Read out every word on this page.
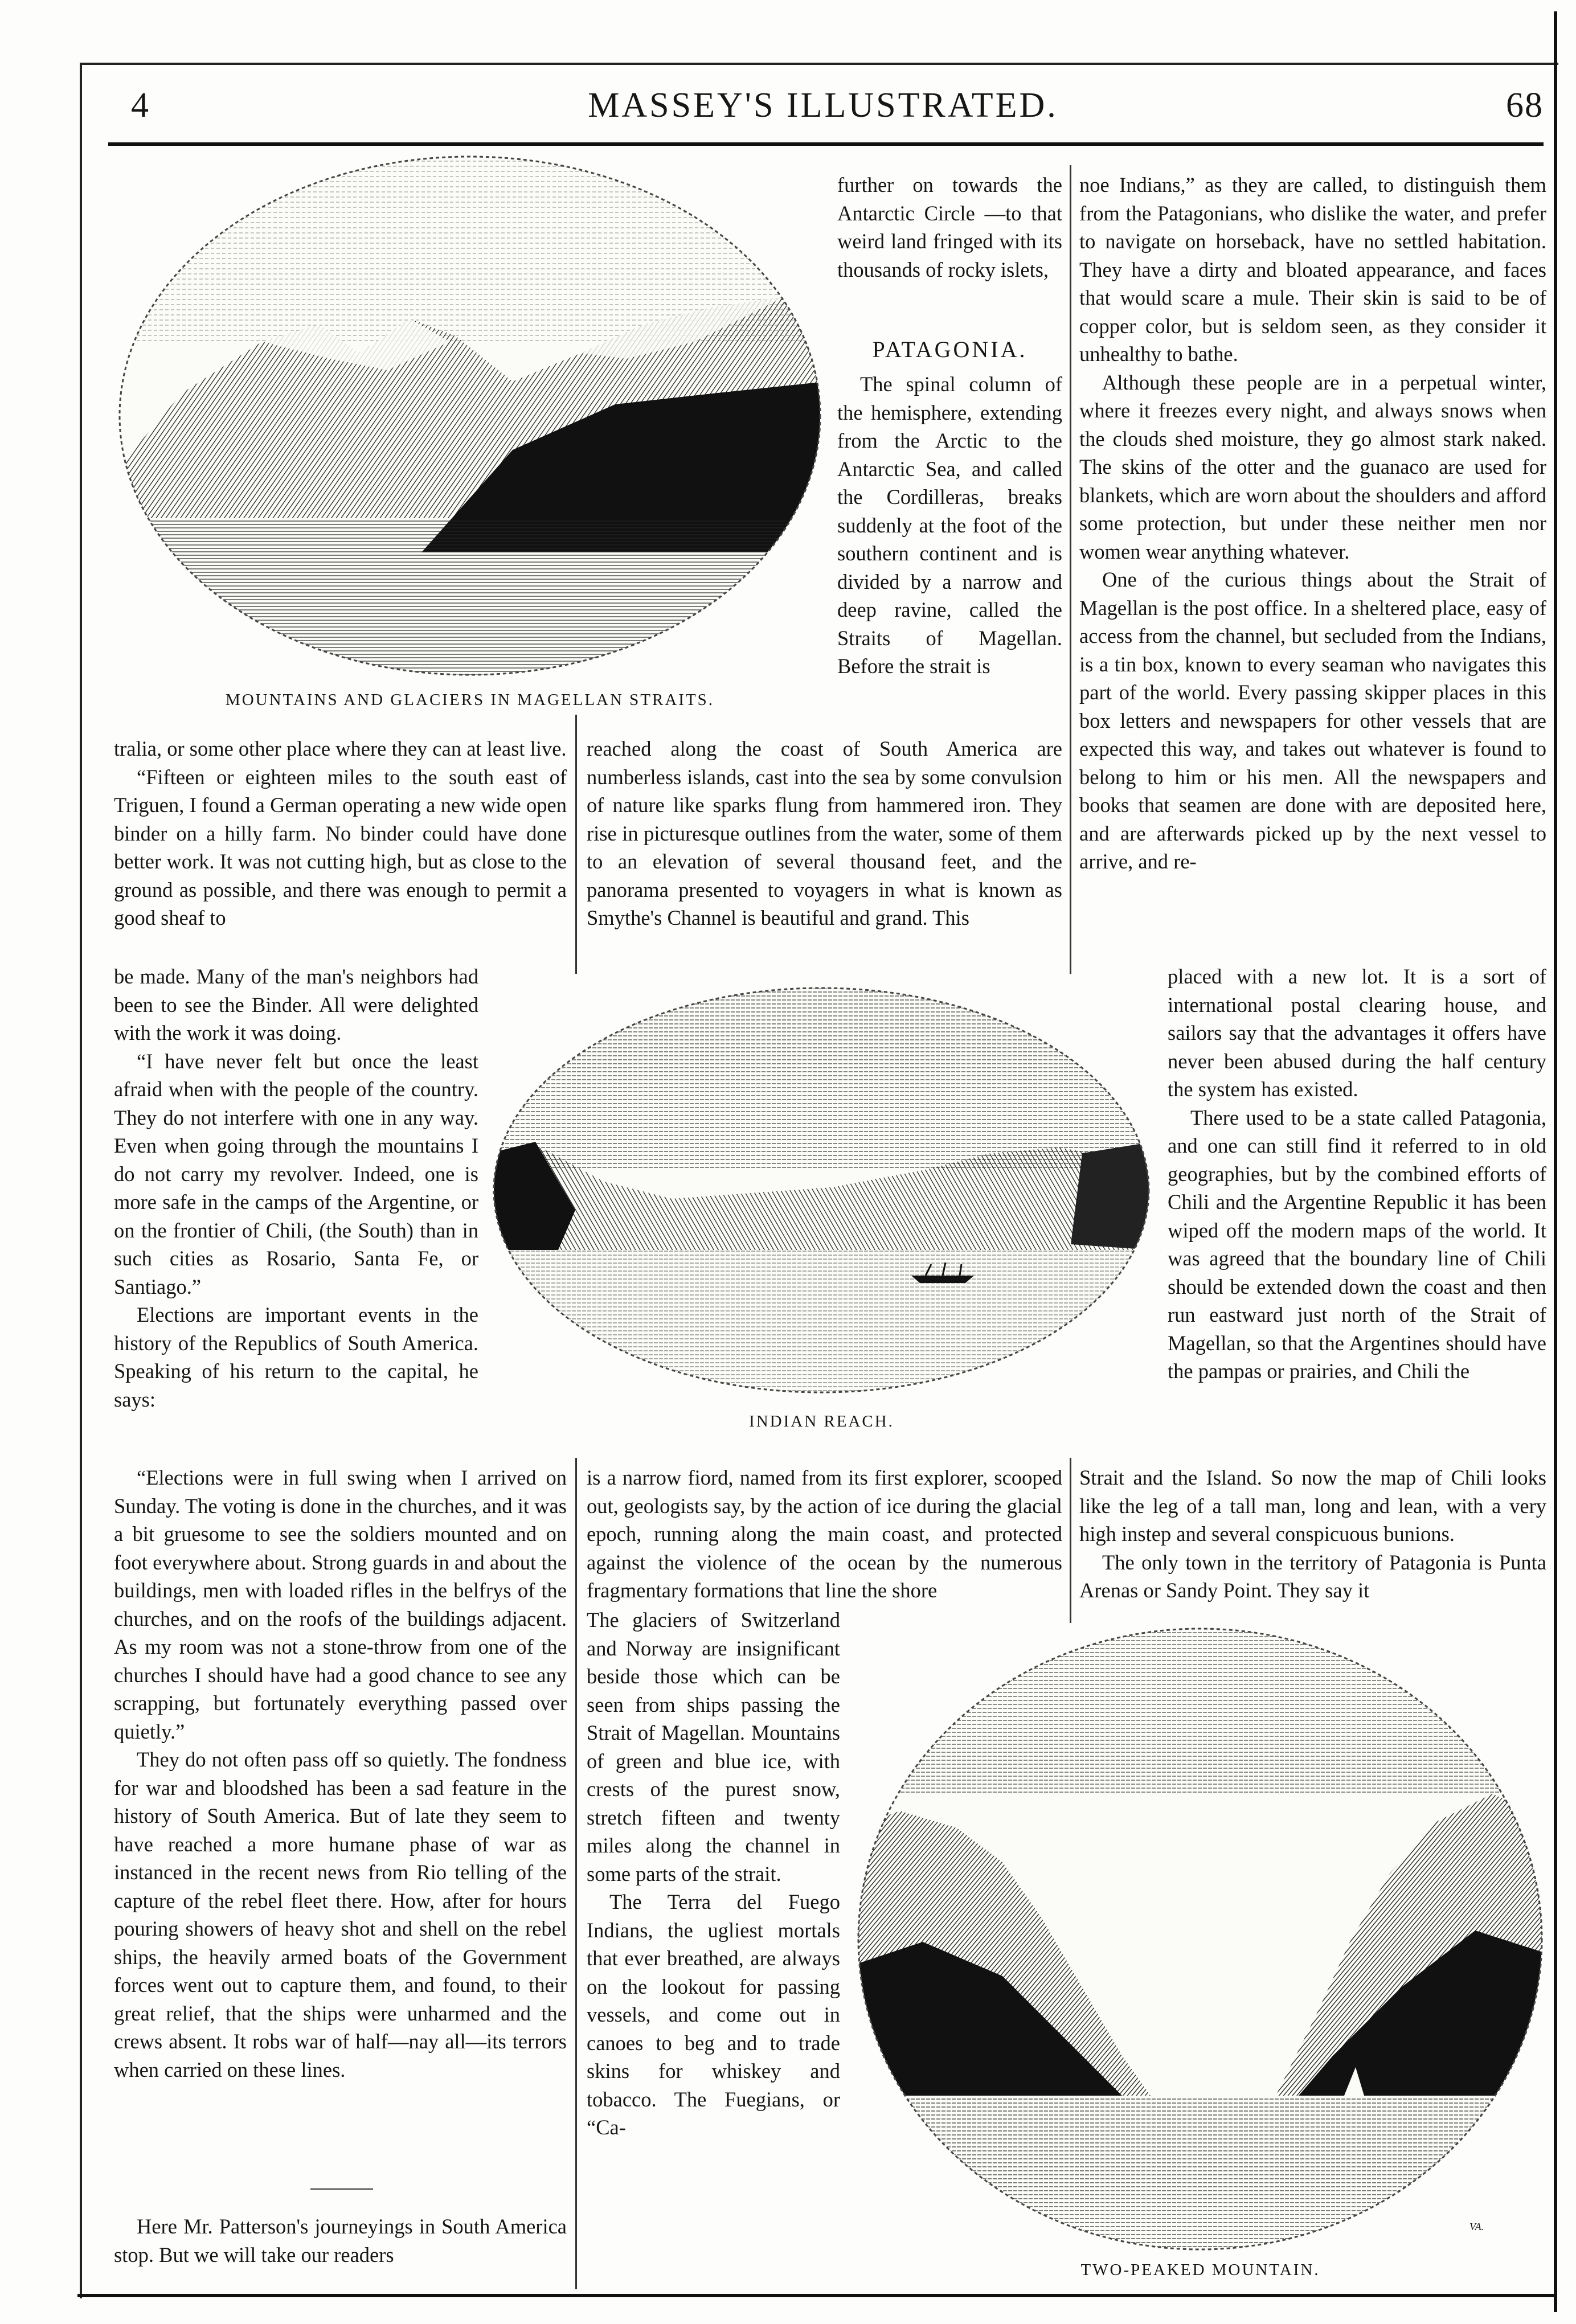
4	MASSEY'S ILLUSTRATED.	68
MOUNTAINS AND GLACIERS IN MAGELLAN STRAITS.

further on towards the Antarctic Circle —to that weird land fringed with its thousands of rocky islets,

PATAGONIA.

The spinal column of the hemisphere, extending from the Arctic to the Antarctic Sea, and called the Cordilleras, breaks suddenly at the foot of the southern continent and is divided by a narrow and deep ravine, called the Straits of Magellan. Before the strait is

noe Indians,” as they are called, to distinguish them from the Patagonians, who dislike the water, and prefer to navigate on horseback, have no settled habitation. They have a dirty and bloated appearance, and faces that would scare a mule. Their skin is said to be of copper color, but is seldom seen, as they consider it unhealthy to bathe.

Although these people are in a perpetual winter, where it freezes every night, and always snows when the clouds shed moisture, they go almost stark naked. The skins of the otter and the guanaco are used for blankets, which are worn about the shoulders and afford some protection, but under these neither men nor women wear anything whatever.

One of the curious things about the Strait of Magellan is the post office. In a sheltered place, easy of access from the channel, but secluded from the Indians, is a tin box, known to every seaman who navigates this part of the world. Every passing skipper places in this box letters and newspapers for other vessels that are expected this way, and takes out whatever is found to belong to him or his men. All the newspapers and books that seamen are done with are deposited here, and are afterwards picked up by the next vessel to arrive, and re-

tralia, or some other place where they can at least live.

“Fifteen or eighteen miles to the south east of Triguen, I found a German operating a new wide open binder on a hilly farm. No binder could have done better work. It was not cutting high, but as close to the ground as possible, and there was enough to permit a good sheaf to

reached along the coast of South America are numberless islands, cast into the sea by some convulsion of nature like sparks flung from hammered iron. They rise in picturesque outlines from the water, some of them to an elevation of several thousand feet, and the panorama presented to voyagers in what is known as Smythe's Channel is beautiful and grand. This

INDIAN REACH.

be made. Many of the man's neighbors had been to see the Binder. All were delighted with the work it was doing.

“I have never felt but once the least afraid when with the people of the country. They do not interfere with one in any way. Even when going through the mountains I do not carry my revolver. Indeed, one is more safe in the camps of the Argentine, or on the frontier of Chili, (the South) than in such cities as Rosario, Santa Fe, or Santiago.”

Elections are important events in the history of the Republics of South America. Speaking of his return to the capital, he says:

placed with a new lot. It is a sort of international postal clearing house, and sailors say that the advantages it offers have never been abused during the half century the system has existed.

There used to be a state called Patagonia, and one can still find it referred to in old geographies, but by the combined efforts of Chili and the Argentine Republic it has been wiped off the modern maps of the world. It was agreed that the boundary line of Chili should be extended down the coast and then run eastward just north of the Strait of Magellan, so that the Argentines should have the pampas or prairies, and Chili the

“Elections were in full swing when I arrived on Sunday. The voting is done in the churches, and it was a bit gruesome to see the soldiers mounted and on foot everywhere about. Strong guards in and about the buildings, men with loaded rifles in the belfrys of the churches, and on the roofs of the buildings adjacent. As my room was not a stone-throw from one of the churches I should have had a good chance to see any scrapping, but fortunately everything passed over quietly.”

They do not often pass off so quietly. The fondness for war and bloodshed has been a sad feature in the history of South America. But of late they seem to have reached a more humane phase of war as instanced in the recent news from Rio telling of the capture of the rebel fleet there. How, after for hours pouring showers of heavy shot and shell on the rebel ships, the heavily armed boats of the Government forces went out to capture them, and found, to their great relief, that the ships were unharmed and the crews absent. It robs war of half—nay all—its terrors when carried on these lines.

Here Mr. Patterson's journeyings in South America stop. But we will take our readers

is a narrow fiord, named from its first explorer, scooped out, geologists say, by the action of ice during the glacial epoch, running along the main coast, and protected against the violence of the ocean by the numerous fragmentary formations that line the shore

The glaciers of Switzerland and Norway are insignificant beside those which can be seen from ships passing the Strait of Magellan. Mountains of green and blue ice, with crests of the purest snow, stretch fifteen and twenty miles along the channel in some parts of the strait.

The Terra del Fuego Indians, the ugliest mortals that ever breathed, are always on the lookout for passing vessels, and come out in canoes to beg and to trade skins for whiskey and tobacco. The Fuegians, or “Ca-

Strait and the Island. So now the map of Chili looks like the leg of a tall man, long and lean, with a very high instep and several conspicuous bunions.

The only town in the territory of Patagonia is Punta Arenas or Sandy Point. They say it

VA.
TWO-PEAKED MOUNTAIN.
